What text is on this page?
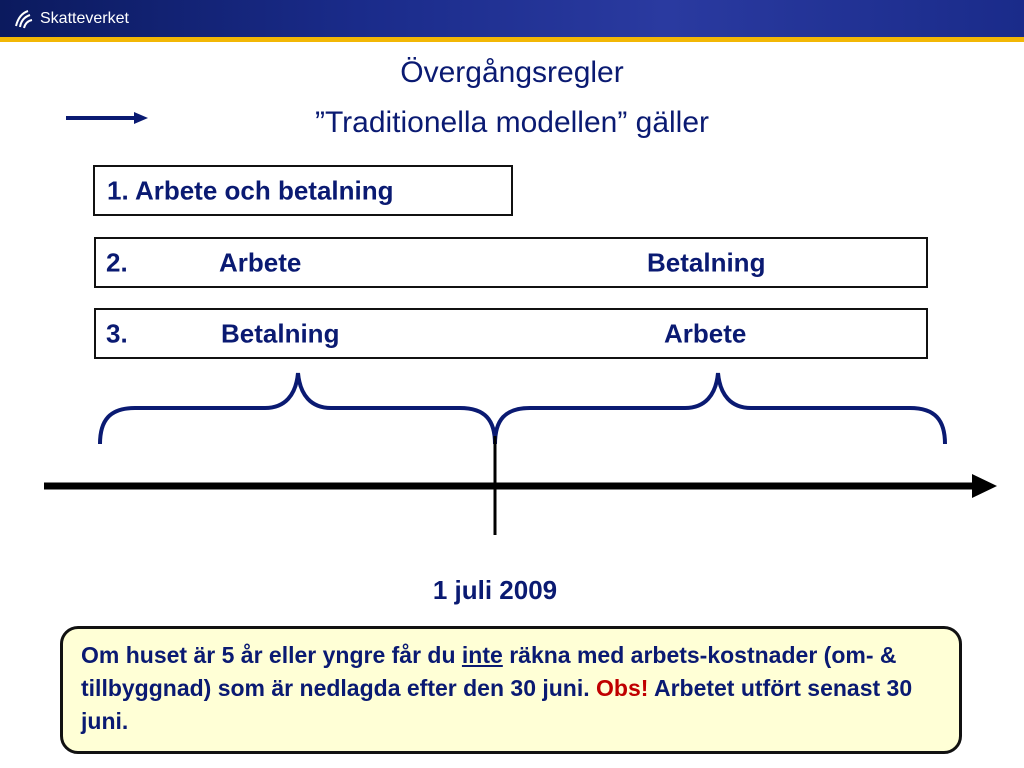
Skatteverket
Övergångsregler
”Traditionella modellen” gäller
1. Arbete och betalning
2.	Arbete	Betalning
3.	Betalning	Arbete
1 juli 2009
Om huset är 5 år eller yngre får du inte räkna med arbets-kostnader (om- & tillbyggnad) som är nedlagda efter den 30 juni. Obs! Arbetet utfört senast 30 juni.
